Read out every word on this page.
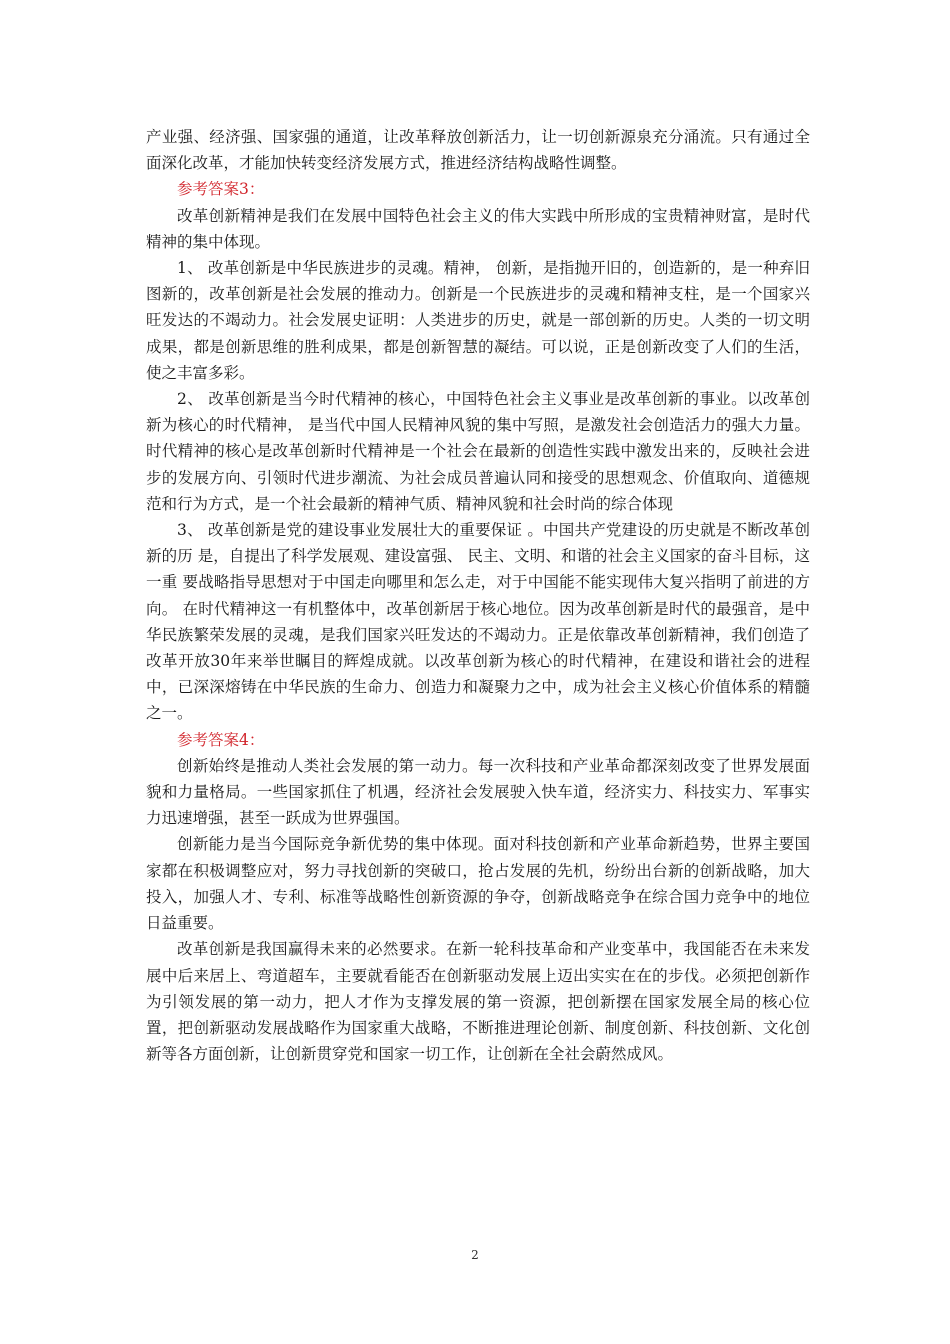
产业强、经济强、国家强的通道，让改革释放创新活力，让一切创新源泉充分涌流。只有通过全面深化改革，才能加快转变经济发展方式，推进经济结构战略性调整。

参考答案3：

改革创新精神是我们在发展中国特色社会主义的伟大实践中所形成的宝贵精神财富，是时代精神的集中体现。

1、 改革创新是中华民族进步的灵魂。精神， 创新，是指抛开旧的，创造新的，是一种弃旧图新的，改革创新是社会发展的推动力。创新是一个民族进步的灵魂和精神支柱，是一个国家兴旺发达的不竭动力。社会发展史证明：人类进步的历史，就是一部创新的历史。人类的一切文明成果，都是创新思维的胜利成果，都是创新智慧的凝结。可以说，正是创新改变了人们的生活，使之丰富多彩。

2、 改革创新是当今时代精神的核心，中国特色社会主义事业是改革创新的事业。以改革创新为核心的时代精神， 是当代中国人民精神风貌的集中写照，是激发社会创造活力的强大力量。时代精神的核心是改革创新时代精神是一个社会在最新的创造性实践中激发出来的，反映社会进步的发展方向、引领时代进步潮流、为社会成员普遍认同和接受的思想观念、价值取向、道德规范和行为方式，是一个社会最新的精神气质、精神风貌和社会时尚的综合体现

3、 改革创新是党的建设事业发展壮大的重要保证 。中国共产党建设的历史就是不断改革创新的历 是，自提出了科学发展观、建设富强、 民主、文明、和谐的社会主义国家的奋斗目标，这一重 要战略指导思想对于中国走向哪里和怎么走，对于中国能不能实现伟大复兴指明了前进的方向。 在时代精神这一有机整体中，改革创新居于核心地位。因为改革创新是时代的最强音，是中华民族繁荣发展的灵魂，是我们国家兴旺发达的不竭动力。正是依靠改革创新精神，我们创造了改革开放30年来举世瞩目的辉煌成就。以改革创新为核心的时代精神，在建设和谐社会的进程中，已深深熔铸在中华民族的生命力、创造力和凝聚力之中，成为社会主义核心价值体系的精髓之一。

参考答案4：

创新始终是推动人类社会发展的第一动力。每一次科技和产业革命都深刻改变了世界发展面貌和力量格局。一些国家抓住了机遇，经济社会发展驶入快车道，经济实力、科技实力、军事实力迅速增强，甚至一跃成为世界强国。

创新能力是当今国际竞争新优势的集中体现。面对科技创新和产业革命新趋势，世界主要国家都在积极调整应对，努力寻找创新的突破口，抢占发展的先机，纷纷出台新的创新战略，加大投入，加强人才、专利、标准等战略性创新资源的争夺，创新战略竞争在综合国力竞争中的地位日益重要。

改革创新是我国赢得未来的必然要求。在新一轮科技革命和产业变革中，我国能否在未来发展中后来居上、弯道超车，主要就看能否在创新驱动发展上迈出实实在在的步伐。必须把创新作为引领发展的第一动力，把人才作为支撑发展的第一资源，把创新摆在国家发展全局的核心位置，把创新驱动发展战略作为国家重大战略，不断推进理论创新、制度创新、科技创新、文化创新等各方面创新，让创新贯穿党和国家一切工作，让创新在全社会蔚然成风。

2
